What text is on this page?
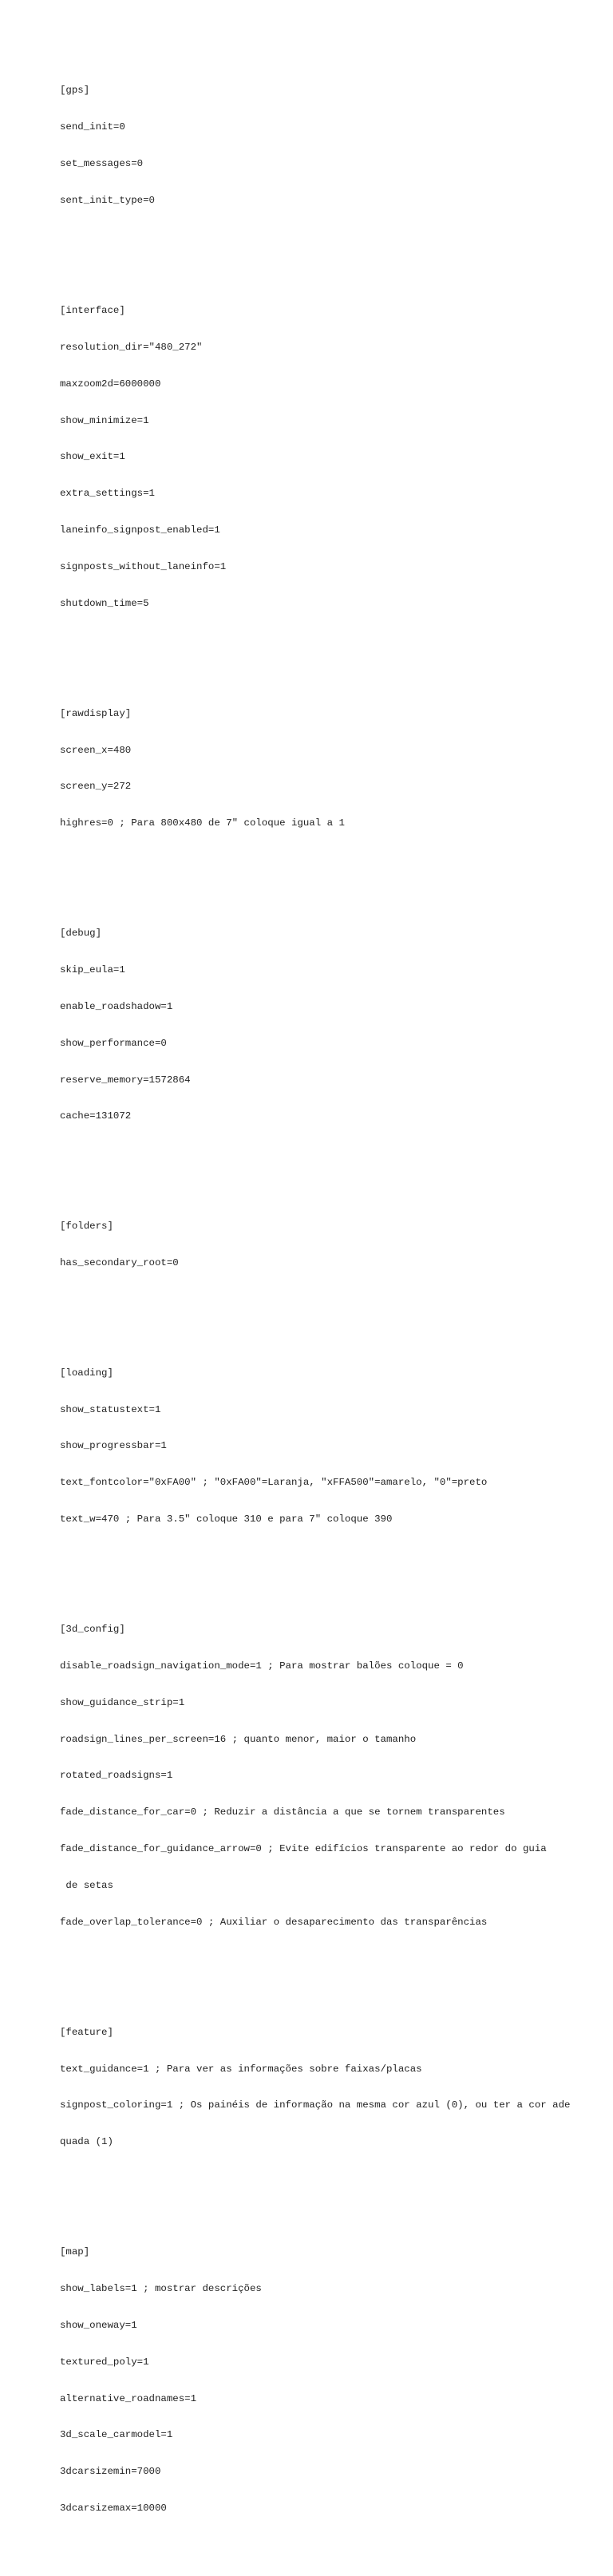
[gps]

send_init=0

set_messages=0

sent_init_type=0

[interface]

resolution_dir="480_272"

maxzoom2d=6000000

show_minimize=1

show_exit=1

extra_settings=1

laneinfo_signpost_enabled=1

signposts_without_laneinfo=1

shutdown_time=5

[rawdisplay]

screen_x=480

screen_y=272

highres=0 ; Para 800x480 de 7" coloque igual a 1

[debug]

skip_eula=1

enable_roadshadow=1

show_performance=0

reserve_memory=1572864

cache=131072

[folders]

has_secondary_root=0

[loading]

show_statustext=1

show_progressbar=1

text_fontcolor="0xFA00" ; "0xFA00"=Laranja, "xFFA500"=amarelo, "0"=preto

text_w=470 ; Para 3.5" coloque 310 e para 7" coloque 390

[3d_config]

disable_roadsign_navigation_mode=1 ; Para mostrar balões coloque = 0

show_guidance_strip=1

roadsign_lines_per_screen=16 ; quanto menor, maior o tamanho

rotated_roadsigns=1

fade_distance_for_car=0 ; Reduzir a distância a que se tornem transparentes

fade_distance_for_guidance_arrow=0 ; Evite edifícios transparente ao redor do guia

de setas

fade_overlap_tolerance=0 ; Auxiliar o desaparecimento das transparências

[feature]

text_guidance=1 ; Para ver as informações sobre faixas/placas

signpost_coloring=1 ; Os painéis de informação na mesma cor azul (0), ou ter a cor ade

quada (1)

[map]

show_labels=1 ; mostrar descrições

show_oneway=1

textured_poly=1

alternative_roadnames=1

3d_scale_carmodel=1

3dcarsizemin=7000

3dcarsizemax=10000
